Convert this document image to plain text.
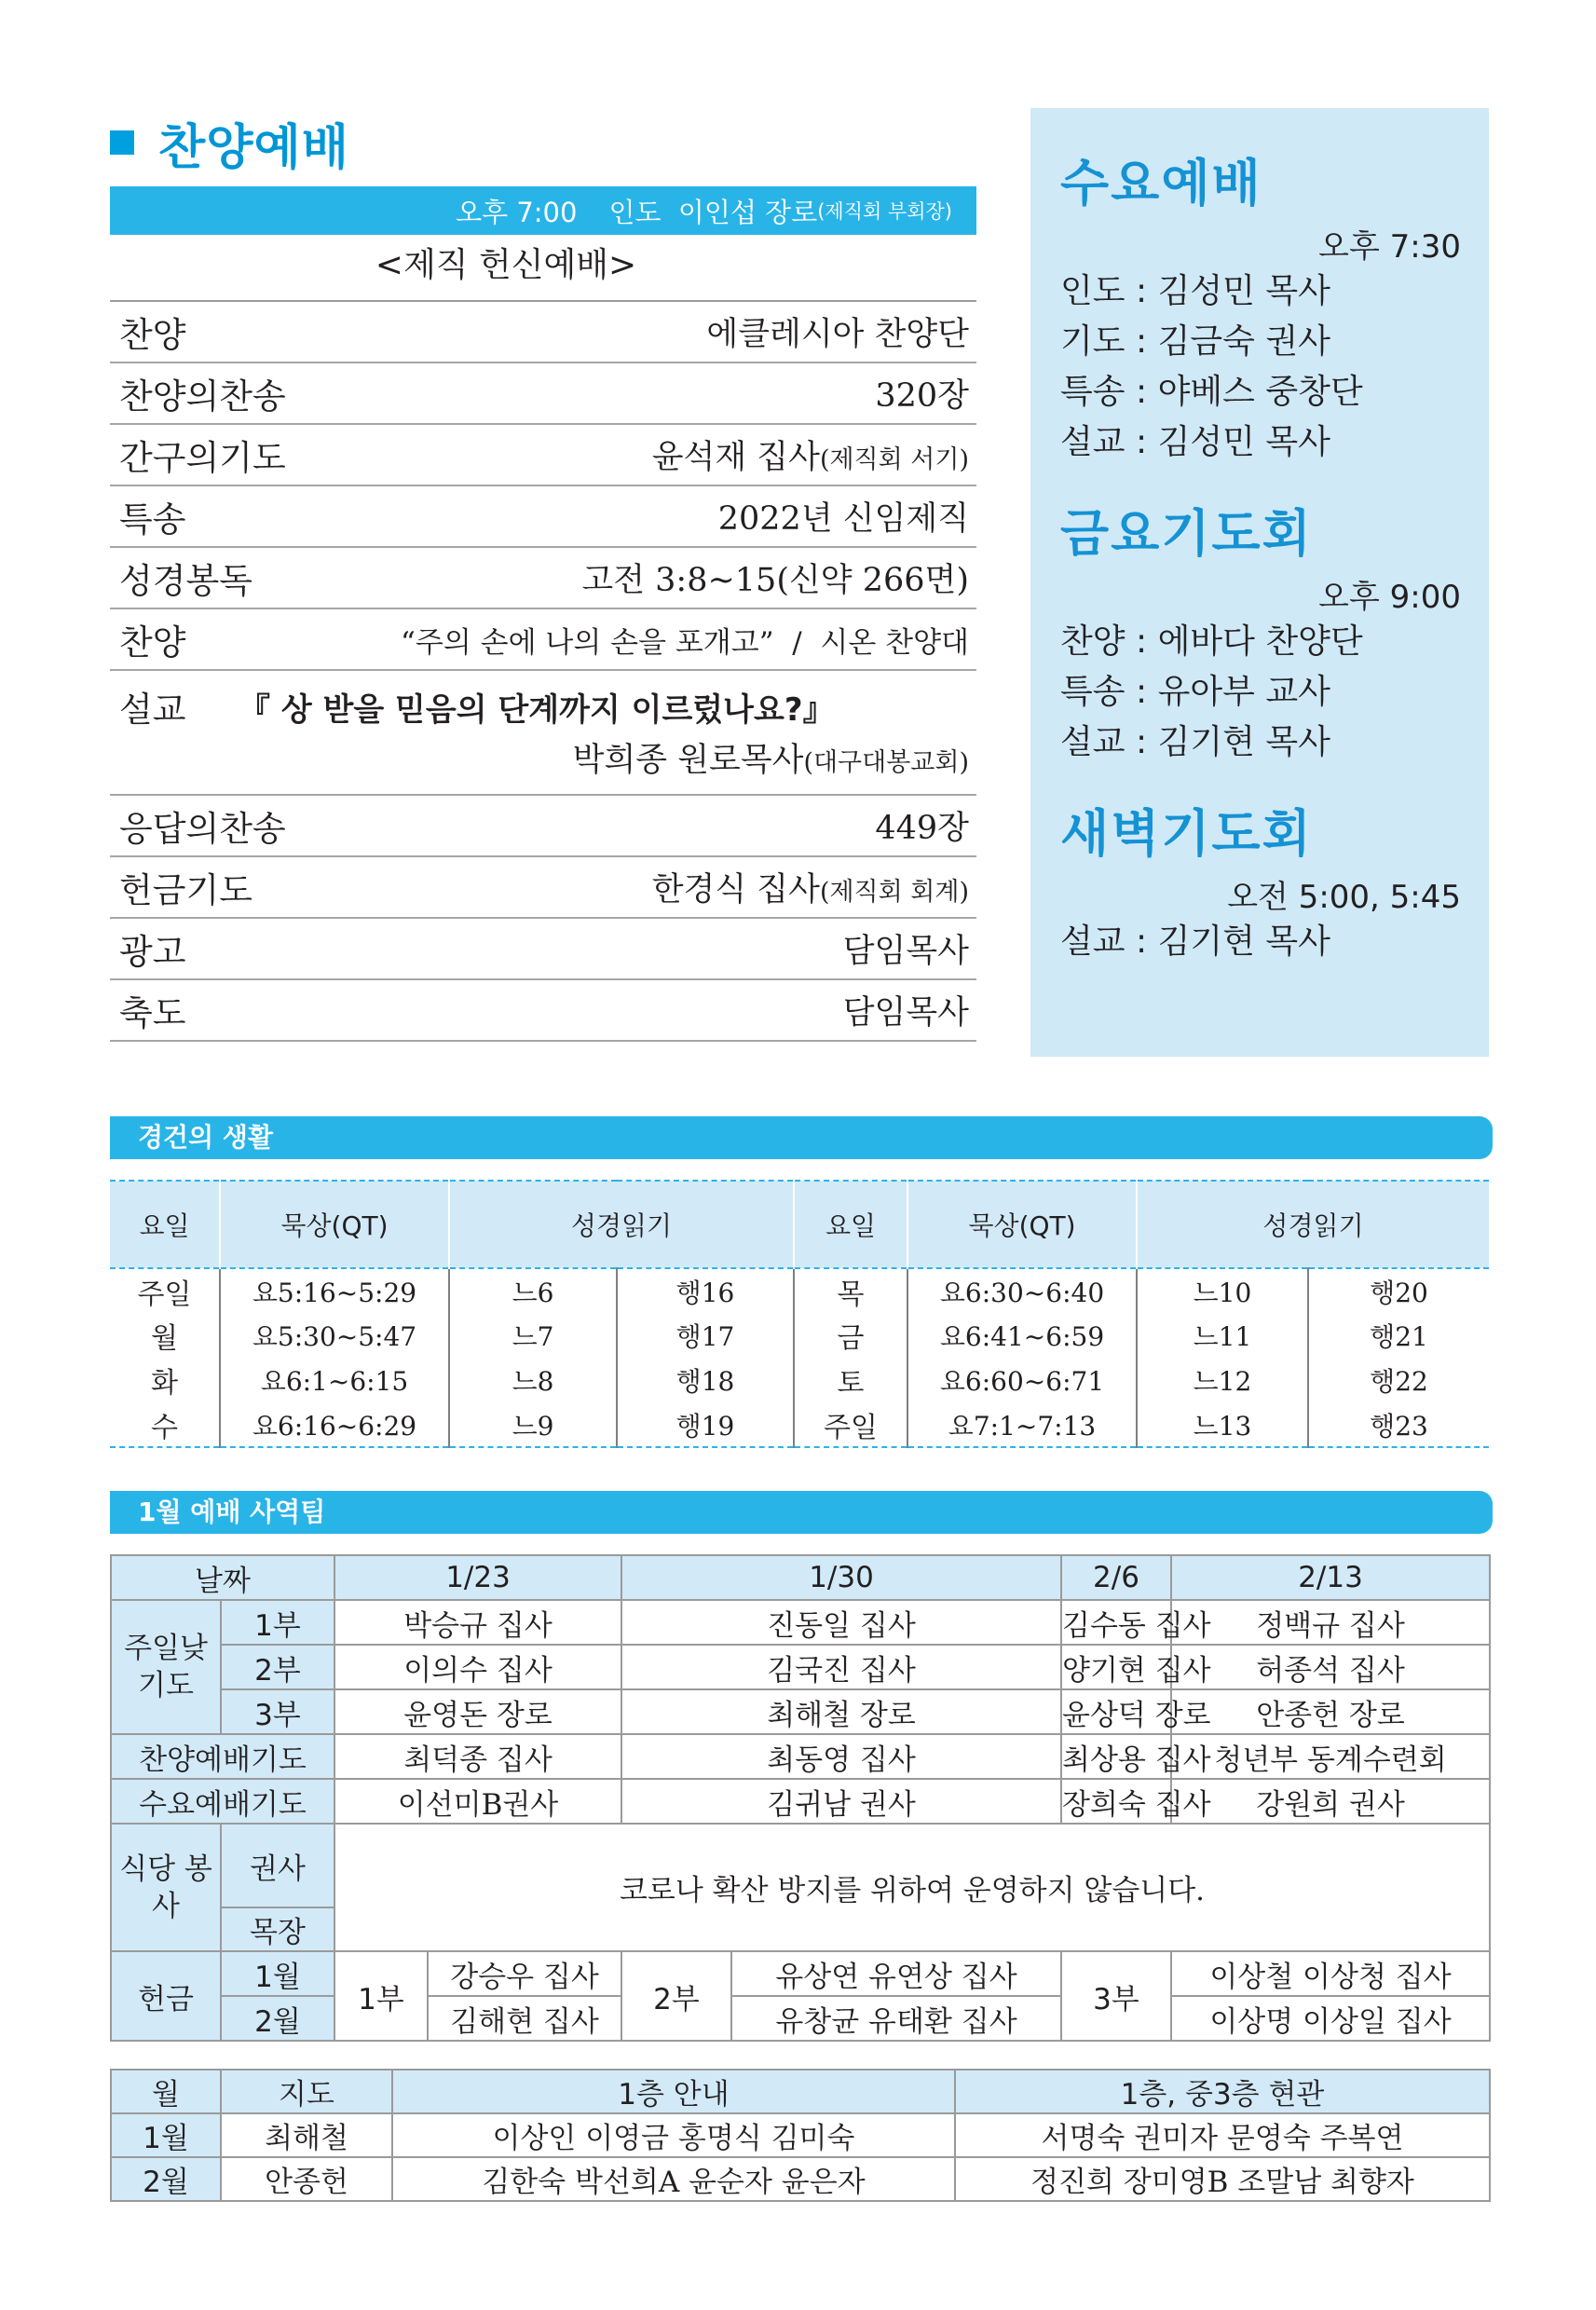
찬양예배
오후 7:00 인도  이인섭 장로 (제직회 부회장)
<제직 헌신예배>
찬양	에클레시아 찬양단
찬양의찬송	320장
간구의기도	윤석재 집사(제직회 서기)
특송	2022년 신임제직
성경봉독	고전 3:8~15(신약 266면)
찬양	“주의 손에 나의 손을 포개고”  /  시온 찬양대
설교	『 상 받을 믿음의 단계까지 이르렀나요?』
박희종 원로목사(대구대봉교회)
응답의찬송	449장
헌금기도	한경식 집사(제직회 회계)
광고	담임목사
축도	담임목사
수요예배
오후 7:30
인도 : 김성민 목사
기도 : 김금숙 권사
특송 : 야베스 중창단
설교 : 김성민 목사
금요기도회
오후 9:00
찬양 : 에바다 찬양단
특송 : 유아부 교사
설교 : 김기현 목사
새벽기도회
오전 5:00, 5:45
설교 : 김기현 목사
경건의 생활
요일	묵상(QT)	성경읽기		요일	묵상(QT)	성경읽기	
주일	요5:16~5:29	느6	행16	목	요6:30~6:40	느10	행20
월	요5:30~5:47	느7	행17	금	요6:41~6:59	느11	행21
화	요6:1~6:15	느8	행18	토	요6:60~6:71	느12	행22
수	요6:16~6:29	느9	행19	주일	요7:1~7:13	느13	행23
1월 예배 사역팀
날짜		1/23		1/30		2/6	2/13
주일낮 기도	1부	박승규 집사		진동일 집사		김수동 집사	정백규 집사
	2부	이의수 집사		김국진 집사		양기현 집사	허종석 집사
	3부	윤영돈 장로		최해철 장로		윤상덕 장로	안종헌 장로
찬양예배기도		최덕종 집사		최동영 집사		최상용 집사	청년부 동계수련회
수요예배기도		이선미B권사		김귀남 권사		장희숙 집사	강원희 권사
식당 봉사	권사	코로나 확산 방지를 위하여 운영하지 않습니다.					
	목장						
헌금	1월	1부	강승우 집사	2부	유상연 유연상 집사	3부	이상철 이상청 집사
	2월		김해현 집사		유창균 유태환 집사		이상명 이상일 집사
월	지도	1층 안내	1층, 중3층 현관
1월	최해철	이상인 이영금 홍명식 김미숙	서명숙 권미자 문영숙 주복연
2월	안종헌	김한숙 박선희A 윤순자 윤은자	정진희 장미영B 조말남 최향자
